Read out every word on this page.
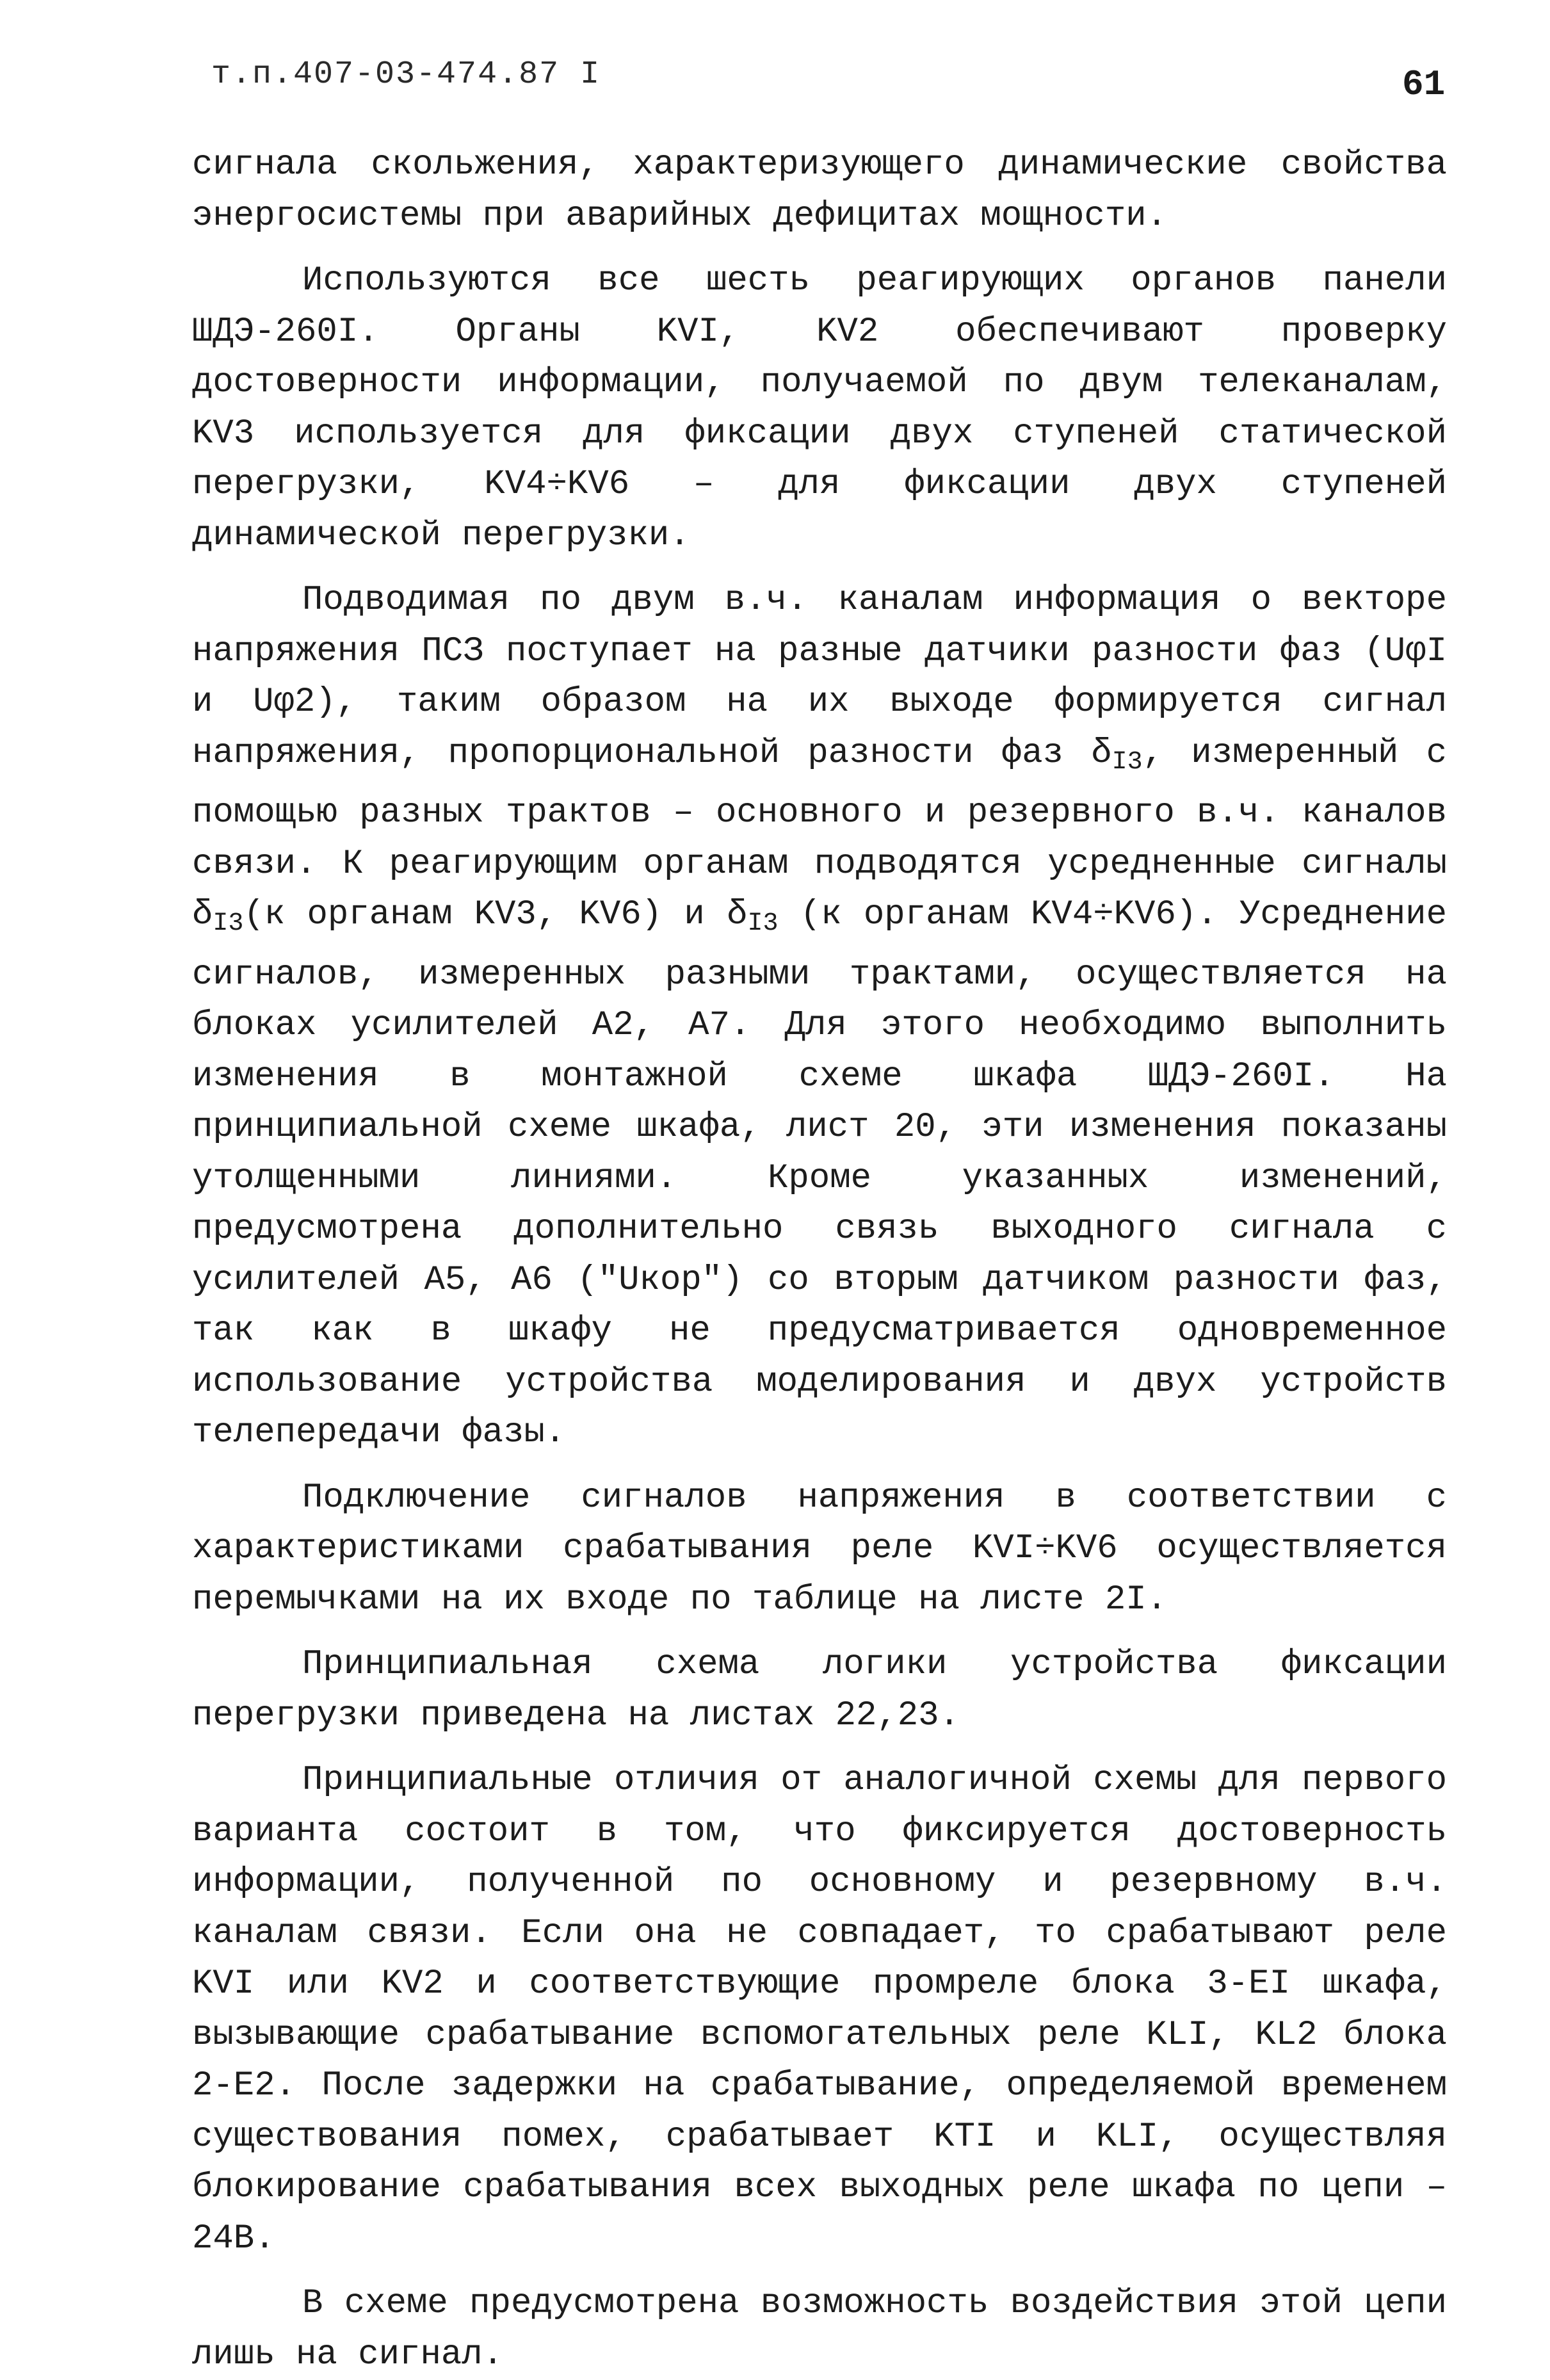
т.п.407-03-474.87 I	61

сигнала скольжения, характеризующего динамические свойства энергосистемы при аварийных дефицитах мощности.

Используются все шесть реагирующих органов панели ШДЭ-260I. Органы KVI, KV2 обеспечивают проверку достоверности информации, получаемой по двум телеканалам, KV3 используется для фиксации двух ступеней статической перегрузки, KV4÷KV6 – для фиксации двух ступеней динамической перегрузки.

Подводимая по двум в.ч. каналам информация о векторе напряжения ПСЗ поступает на разные датчики разности фаз (UφI и Uφ2), таким образом на их выходе формируется сигнал напряжения, пропорциональной разности фаз $\delta_{I3}$, измеренный с помощью разных трактов – основного и резервного в.ч. каналов связи. К реагирующим органам подводятся усредненные сигналы $\delta_{I3}(к$ органам KV3, KV6) и $\delta_{I3}$ (к органам KV4÷KV6). Усреднение сигналов, измеренных разными трактами, осуществляется на блоках усилителей А2, А7. Для этого необходимо выполнить изменения в монтажной схеме шкафа ШДЭ-260I. На принципиальной схеме шкафа, лист 20, эти изменения показаны утолщенными линиями. Кроме указанных изменений, предусмотрена дополнительно связь выходного сигнала с усилителей А5, А6 ("Uкор") со вторым датчиком разности фаз, так как в шкафу не предусматривается одновременное использование устройства моделирования и двух устройств телепередачи фазы.

Подключение сигналов напряжения в соответствии с характеристиками срабатывания реле KVI÷KV6 осуществляется перемычками на их входе по таблице на листе 2I.

Принципиальная схема логики устройства фиксации перегрузки приведена на листах 22,23.

Принципиальные отличия от аналогичной схемы для первого варианта состоит в том, что фиксируется достоверность информации, полученной по основному и резервному в.ч. каналам связи. Если она не совпадает, то срабатывают реле KVI или KV2 и соответствующие промреле блока 3-EI шкафа, вызывающие срабатывание вспомогательных реле KLI, KL2 блока 2-E2. После задержки на срабатывание, определяемой временем существования помех, срабатывает KTI и KLI, осуществляя блокирование срабатывания всех выходных реле шкафа по цепи – 24В.

В схеме предусмотрена возможность воздействия этой цепи лишь на сигнал.
